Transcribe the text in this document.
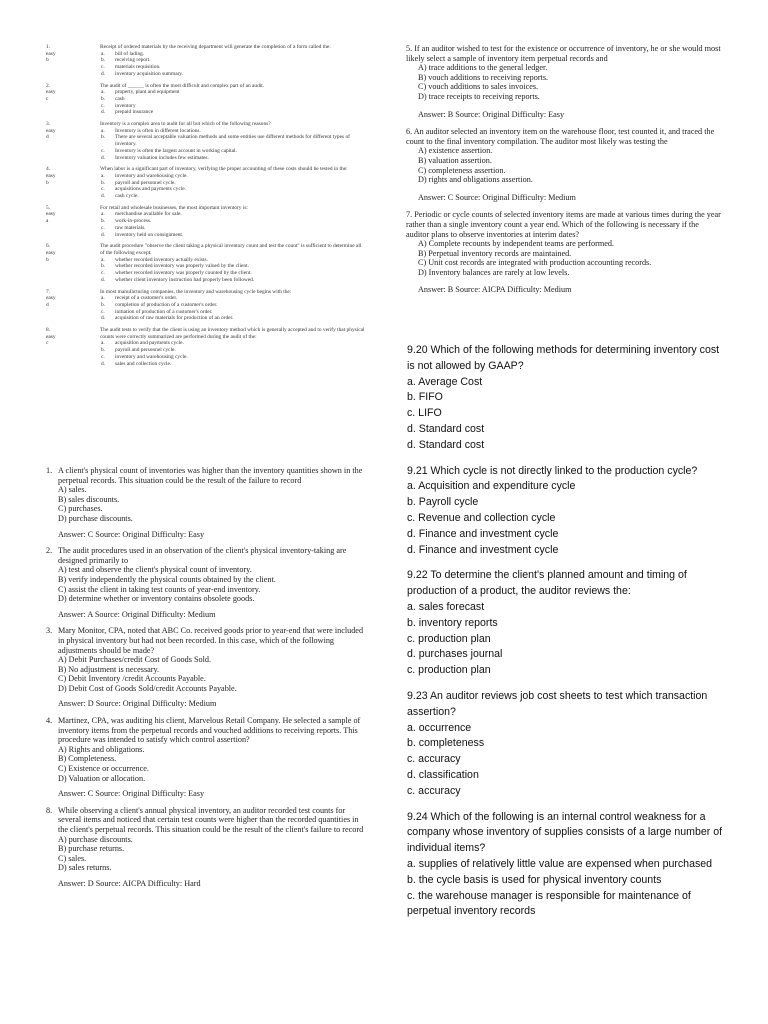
1.
easy
b
Receipt of ordered materials by the receiving department will generate the completion of a form called the:
a.	bill of lading.
b.	receiving report.
c.	materials requisition.
d.	inventory acquisition summary.
2.
easy
c
The audit of ______ is often the most difficult and complex part of an audit.
a.	property, plant and equipment
b.	cash
c.	inventory
d.	prepaid insurance
3.
easy
d
Inventory is a complex area to audit for all but which of the following reasons?
a.	Inventory is often in different locations.
b.	There are several acceptable valuation methods and some entities use different methods for different types of inventory.
c.	Inventory is often the largest account in working capital.
d.	Inventory valuation includes few estimates.
4.
easy
b
When labor is a significant part of inventory, verifying the proper accounting of these costs should be tested in the:
a.	inventory and warehousing cycle.
b.	payroll and personnel cycle.
c.	acquisitions and payments cycle.
d.	cash cycle.
5.
easy
a
For retail and wholesale businesses, the most important inventory is:
a.	merchandise available for sale.
b.	work-in-process.
c.	raw materials.
d.	inventory held on consignment.
6.
easy
b
The audit procedure "observe the client taking a physical inventory count and test the count" is sufficient to determine all of the following except:
a.	whether recorded inventory actually exists.
b.	whether recorded inventory was properly valued by the client.
c.	whether recorded inventory was properly counted by the client.
d.	whether client inventory instruction had properly been followed.
7.
easy
d
In most manufacturing companies, the inventory and warehousing cycle begins with the:
a.	receipt of a customer's order.
b.	completion of production of a customer's order.
c.	initiation of production of a customer's order.
d.	acquisition of raw materials for production of an order.
8.
easy
c
The audit tests to verify that the client is using an inventory method which is generally accepted and to verify that physical counts were correctly summarized are performed during the audit of the:
a.	acquisition and payments cycle.
b.	payroll and personnel cycle.
c.	inventory and warehousing cycle.
d.	sales and collection cycle.
1. A client's physical count of inventories was higher than the inventory quantities shown in the perpetual records. This situation could be the result of the failure to record
A) sales.
B) sales discounts.
C) purchases.
D) purchase discounts.
Answer: C Source: Original Difficulty: Easy
2. The audit procedures used in an observation of the client's physical inventory-taking are designed primarily to
A) test and observe the client's physical count of inventory.
B) verify independently the physical counts obtained by the client.
C) assist the client in taking test counts of year-end inventory.
D) determine whether or inventory contains obsolete goods.
Answer: A Source: Original Difficulty: Medium
3. Mary Monitor, CPA, noted that ABC Co. received goods prior to year-end that were included in physical inventory but had not been recorded. In this case, which of the following adjustments should be made?
A) Debit Purchases/credit Cost of Goods Sold.
B) No adjustment is necessary.
C) Debit Inventory /credit Accounts Payable.
D) Debit Cost of Goods Sold/credit Accounts Payable.
Answer: D Source: Original Difficulty: Medium
4. Martinez, CPA, was auditing his client, Marvelous Retail Company. He selected a sample of inventory items from the perpetual records and vouched additions to receiving reports. This procedure was intended to satisfy which control assertion?
A) Rights and obligations.
B) Completeness.
C) Existence or occurrence.
D) Valuation or allocation.
Answer: C Source: Original Difficulty: Easy
8. While observing a client's annual physical inventory, an auditor recorded test counts for several items and noticed that certain test counts were higher than the recorded quantities in the client's perpetual records. This situation could be the result of the client's failure to record
A) purchase discounts.
B) purchase returns.
C) sales.
D) sales returns.
Answer: D Source: AICPA Difficulty: Hard
5. If an auditor wished to test for the existence or occurrence of inventory, he or she would most likely select a sample of inventory item perpetual records and
A) trace additions to the general ledger.
B) vouch additions to receiving reports.
C) vouch additions to sales invoices.
D) trace receipts to receiving reports.
Answer: B Source: Original Difficulty: Easy
6. An auditor selected an inventory item on the warehouse floor, test counted it, and traced the count to the final inventory compilation. The auditor most likely was testing the
A) existence assertion.
B) valuation assertion.
C) completeness assertion.
D) rights and obligations assertion.
Answer: C Source: Original Difficulty: Medium
7. Periodic or cycle counts of selected inventory items are made at various times during the year rather than a single inventory count a year end. Which of the following is necessary if the auditor plans to observe inventories at interim dates?
A) Complete recounts by independent teams are performed.
B) Perpetual inventory records are maintained.
C) Unit cost records are integrated with production accounting records.
D) Inventory balances are rarely at low levels.
Answer: B Source: AICPA Difficulty: Medium
9.20 Which of the following methods for determining inventory cost is not allowed by GAAP?
a. Average Cost
b. FIFO
c. LIFO
d. Standard cost
d. Standard cost
9.21 Which cycle is not directly linked to the production cycle?
a. Acquisition and expenditure cycle
b. Payroll cycle
c. Revenue and collection cycle
d. Finance and investment cycle
d. Finance and investment cycle
9.22 To determine the client's planned amount and timing of production of a product, the auditor reviews the:
a. sales forecast
b. inventory reports
c. production plan
d. purchases journal
c. production plan
9.23 An auditor reviews job cost sheets to test which transaction assertion?
a. occurrence
b. completeness
c. accuracy
d. classification
c. accuracy
9.24 Which of the following is an internal control weakness for a company whose inventory of supplies consists of a large number of individual items?
a. supplies of relatively little value are expensed when purchased
b. the cycle basis is used for physical inventory counts
c. the warehouse manager is responsible for maintenance of perpetual inventory records
